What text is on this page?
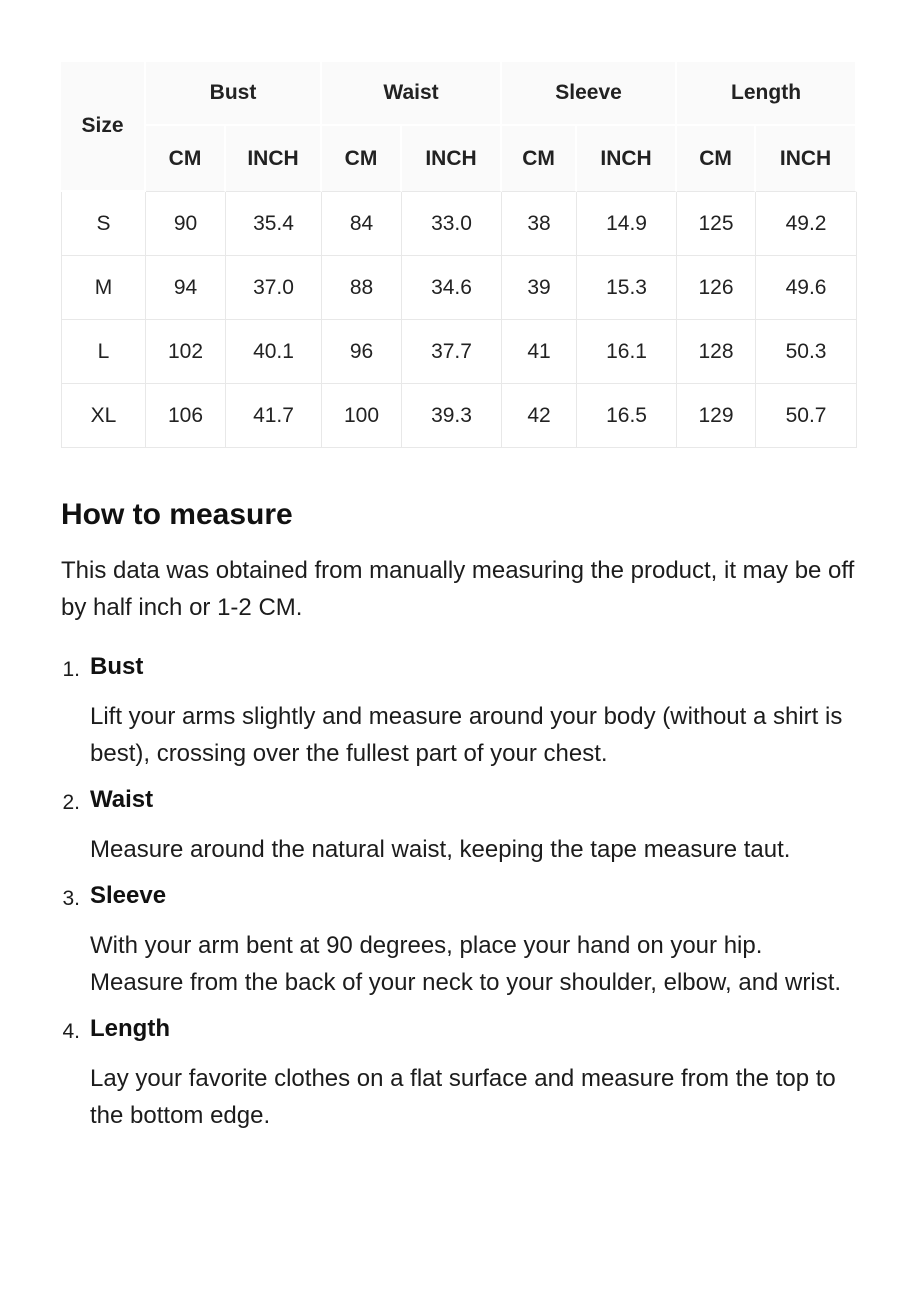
Size	Bust		Waist		Sleeve		Length	
	CM	INCH	CM	INCH	CM	INCH	CM	INCH
S	90	35.4	84	33.0	38	14.9	125	49.2
M	94	37.0	88	34.6	39	15.3	126	49.6
L	102	40.1	96	37.7	41	16.1	128	50.3
XL	106	41.7	100	39.3	42	16.5	129	50.7
How to measure

This data was obtained from manually measuring the product, it may be off by half inch or 1-2 CM.

1. Bust

Lift your arms slightly and measure around your body (without a shirt is best), crossing over the fullest part of your chest.

2. Waist

Measure around the natural waist, keeping the tape measure taut.

3. Sleeve

With your arm bent at 90 degrees, place your hand on your hip. Measure from the back of your neck to your shoulder, elbow, and wrist.

4. Length

Lay your favorite clothes on a flat surface and measure from the top to the bottom edge.
